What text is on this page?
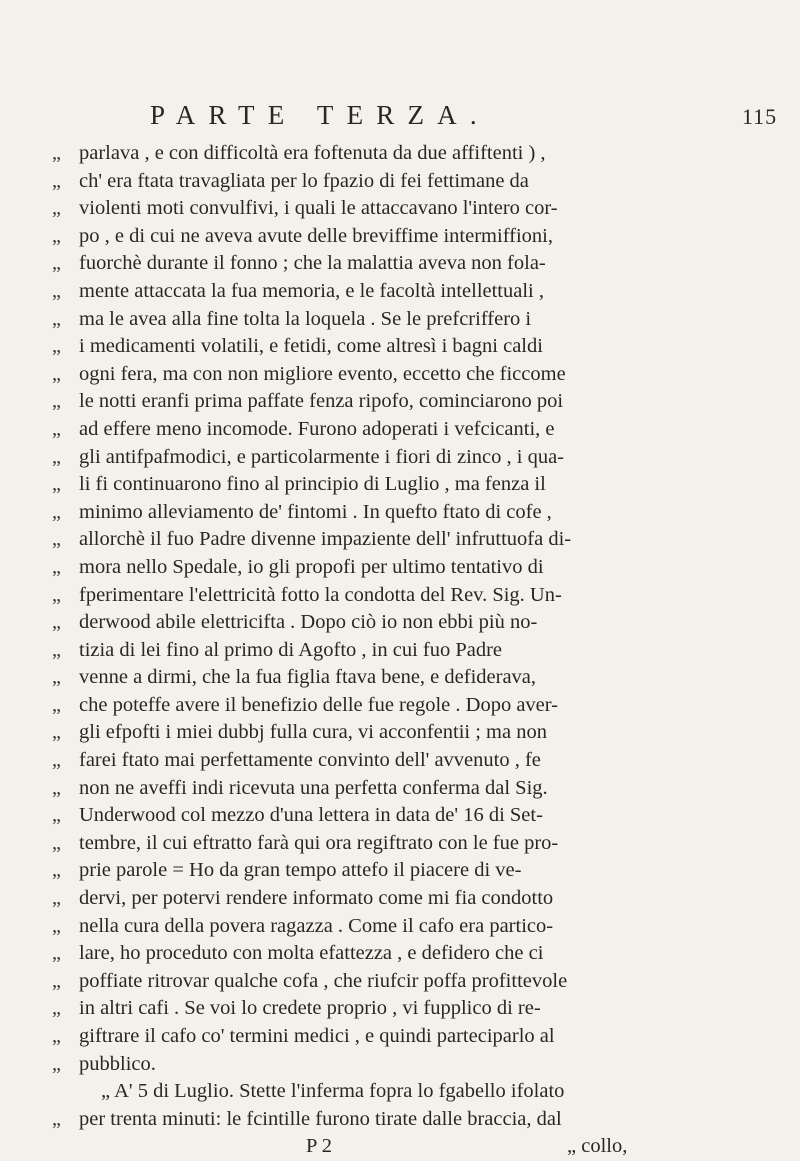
PARTE TERZA.	115
„ parlava , e con difficoltà era foftenuta da due affiftenti ) ,
„ ch' era ftata travagliata per lo fpazio di fei fettimane da
„ violenti moti convulfivi, i quali le attaccavano l'intero cor-
„ po , e di cui ne aveva avute delle breviffime intermiffioni,
„ fuorchè durante il fonno ; che la malattia aveva non fola-
„ mente attaccata la fua memoria, e le facoltà intellettuali ,
„ ma le avea alla fine tolta la loquela . Se le prefcriffero i
„ i medicamenti volatili, e fetidi, come altresì i bagni caldi
„ ogni fera, ma con non migliore evento, eccetto che ficcome
„ le notti eranfi prima paffate fenza ripofo, cominciarono poi
„ ad effere meno incomode. Furono adoperati i vefcicanti, e
„ gli antifpafmodici, e particolarmente i fiori di zinco , i qua-
„ li fi continuarono fino al principio di Luglio , ma fenza il
„ minimo alleviamento de' fintomi . In quefto ftato di cofe ,
„ allorchè il fuo Padre divenne impaziente dell' infruttuofa di-
„ mora nello Spedale, io gli propofi per ultimo tentativo di
„ fperimentare l'elettricità fotto la condotta del Rev. Sig. Un-
„ derwood abile elettricifta . Dopo ciò io non ebbi più no-
„ tizia di lei fino al primo di Agofto , in cui fuo Padre
„ venne a dirmi, che la fua figlia ftava bene, e defiderava,
„ che poteffe avere il benefizio delle fue regole . Dopo aver-
„ gli efpofti i miei dubbj fulla cura, vi acconfentii ; ma non
„ farei ftato mai perfettamente convinto dell' avvenuto , fe
„ non ne aveffi indi ricevuta una perfetta conferma dal Sig.
„ Underwood col mezzo d'una lettera in data de' 16 di Set-
„ tembre, il cui eftratto farà qui ora regiftrato con le fue pro-
„ prie parole = Ho da gran tempo attefo il piacere di ve-
„ dervi, per potervi rendere informato come mi fia condotto
„ nella cura della povera ragazza . Come il cafo era partico-
„ lare, ho proceduto con molta efattezza , e defidero che ci
„ poffiate ritrovar qualche cofa , che riufcir poffa profittevole
„ in altri cafi . Se voi lo credete proprio , vi fupplico di re-
„ giftrare il cafo co' termini medici , e quindi parteciparlo al
„ pubblico.
„ A' 5 di Luglio. Stette l'inferma fopra lo fgabello ifolato
„ per trenta minuti: le fcintille furono tirate dalle braccia, dal
P 2	„ collo,
